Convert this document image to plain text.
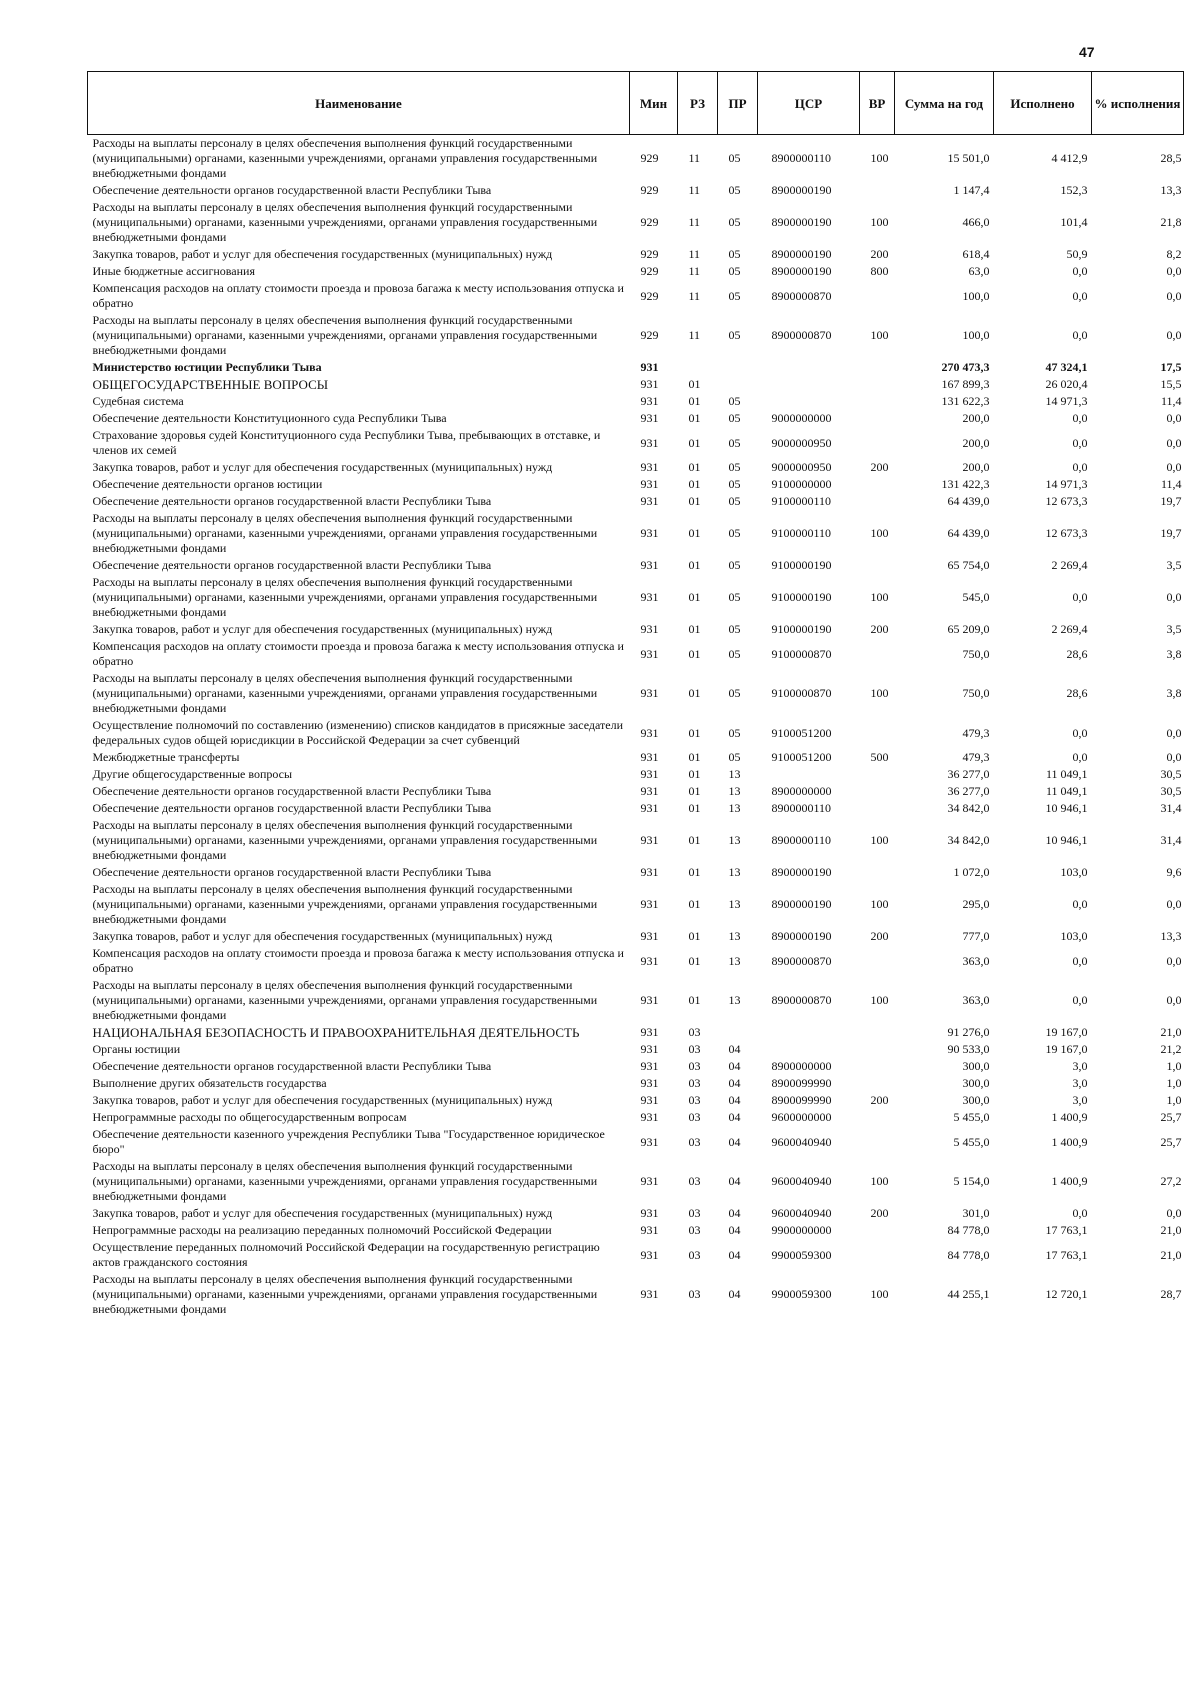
47
Наименование	Мин	РЗ	ПР	ЦСР	ВР	Сумма на год	Исполнено	% исполнения
Расходы на выплаты персоналу в целях обеспечения выполнения функций государственными (муниципальными) органами, казенными учреждениями, органами управления государственными внебюджетными фондами	929	11	05	8900000110	100	15 501,0	4 412,9	28,5
Обеспечение деятельности органов государственной власти Республики Тыва	929	11	05	8900000190		1 147,4	152,3	13,3
Расходы на выплаты персоналу в целях обеспечения выполнения функций государственными (муниципальными) органами, казенными учреждениями, органами управления государственными внебюджетными фондами	929	11	05	8900000190	100	466,0	101,4	21,8
Закупка товаров, работ и услуг для обеспечения государственных (муниципальных) нужд	929	11	05	8900000190	200	618,4	50,9	8,2
Иные бюджетные ассигнования	929	11	05	8900000190	800	63,0	0,0	0,0
Компенсация расходов на оплату стоимости проезда и провоза багажа к месту использования отпуска и обратно	929	11	05	8900000870		100,0	0,0	0,0
Расходы на выплаты персоналу в целях обеспечения выполнения функций государственными (муниципальными) органами, казенными учреждениями, органами управления государственными внебюджетными фондами	929	11	05	8900000870	100	100,0	0,0	0,0
Министерство юстиции Республики Тыва	931					270 473,3	47 324,1	17,5
ОБЩЕГОСУДАРСТВЕННЫЕ ВОПРОСЫ	931	01				167 899,3	26 020,4	15,5
Судебная система	931	01	05			131 622,3	14 971,3	11,4
Обеспечение деятельности Конституционного суда Республики Тыва	931	01	05	9000000000		200,0	0,0	0,0
Страхование здоровья судей Конституционного суда Республики Тыва, пребывающих в отставке, и членов их семей	931	01	05	9000000950		200,0	0,0	0,0
Закупка товаров, работ и услуг для обеспечения государственных (муниципальных) нужд	931	01	05	9000000950	200	200,0	0,0	0,0
Обеспечение деятельности органов юстиции	931	01	05	9100000000		131 422,3	14 971,3	11,4
Обеспечение деятельности органов государственной власти Республики Тыва	931	01	05	9100000110		64 439,0	12 673,3	19,7
Расходы на выплаты персоналу в целях обеспечения выполнения функций государственными (муниципальными) органами, казенными учреждениями, органами управления государственными внебюджетными фондами	931	01	05	9100000110	100	64 439,0	12 673,3	19,7
Обеспечение деятельности органов государственной власти Республики Тыва	931	01	05	9100000190		65 754,0	2 269,4	3,5
Расходы на выплаты персоналу в целях обеспечения выполнения функций государственными (муниципальными) органами, казенными учреждениями, органами управления государственными внебюджетными фондами	931	01	05	9100000190	100	545,0	0,0	0,0
Закупка товаров, работ и услуг для обеспечения государственных (муниципальных) нужд	931	01	05	9100000190	200	65 209,0	2 269,4	3,5
Компенсация расходов на оплату стоимости проезда и провоза багажа к месту использования отпуска и обратно	931	01	05	9100000870		750,0	28,6	3,8
Расходы на выплаты персоналу в целях обеспечения выполнения функций государственными (муниципальными) органами, казенными учреждениями, органами управления государственными внебюджетными фондами	931	01	05	9100000870	100	750,0	28,6	3,8
Осуществление полномочий по составлению (изменению) списков кандидатов в присяжные заседатели федеральных судов общей юрисдикции в Российской Федерации за счет субвенций	931	01	05	9100051200		479,3	0,0	0,0
Межбюджетные трансферты	931	01	05	9100051200	500	479,3	0,0	0,0
Другие общегосударственные вопросы	931	01	13			36 277,0	11 049,1	30,5
Обеспечение деятельности органов государственной власти Республики Тыва	931	01	13	8900000000		36 277,0	11 049,1	30,5
Обеспечение деятельности органов государственной власти Республики Тыва	931	01	13	8900000110		34 842,0	10 946,1	31,4
Расходы на выплаты персоналу в целях обеспечения выполнения функций государственными (муниципальными) органами, казенными учреждениями, органами управления государственными внебюджетными фондами	931	01	13	8900000110	100	34 842,0	10 946,1	31,4
Обеспечение деятельности органов государственной власти Республики Тыва	931	01	13	8900000190		1 072,0	103,0	9,6
Расходы на выплаты персоналу в целях обеспечения выполнения функций государственными (муниципальными) органами, казенными учреждениями, органами управления государственными внебюджетными фондами	931	01	13	8900000190	100	295,0	0,0	0,0
Закупка товаров, работ и услуг для обеспечения государственных (муниципальных) нужд	931	01	13	8900000190	200	777,0	103,0	13,3
Компенсация расходов на оплату стоимости проезда и провоза багажа к месту использования отпуска и обратно	931	01	13	8900000870		363,0	0,0	0,0
Расходы на выплаты персоналу в целях обеспечения выполнения функций государственными (муниципальными) органами, казенными учреждениями, органами управления государственными внебюджетными фондами	931	01	13	8900000870	100	363,0	0,0	0,0
НАЦИОНАЛЬНАЯ БЕЗОПАСНОСТЬ И ПРАВООХРАНИТЕЛЬНАЯ ДЕЯТЕЛЬНОСТЬ	931	03				91 276,0	19 167,0	21,0
Органы юстиции	931	03	04			90 533,0	19 167,0	21,2
Обеспечение деятельности органов государственной власти Республики Тыва	931	03	04	8900000000		300,0	3,0	1,0
Выполнение других обязательств государства	931	03	04	8900099990		300,0	3,0	1,0
Закупка товаров, работ и услуг для обеспечения государственных (муниципальных) нужд	931	03	04	8900099990	200	300,0	3,0	1,0
Непрограммные расходы по общегосударственным вопросам	931	03	04	9600000000		5 455,0	1 400,9	25,7
Обеспечение деятельности казенного учреждения Республики Тыва "Государственное юридическое бюро"	931	03	04	9600040940		5 455,0	1 400,9	25,7
Расходы на выплаты персоналу в целях обеспечения выполнения функций государственными (муниципальными) органами, казенными учреждениями, органами управления государственными внебюджетными фондами	931	03	04	9600040940	100	5 154,0	1 400,9	27,2
Закупка товаров, работ и услуг для обеспечения государственных (муниципальных) нужд	931	03	04	9600040940	200	301,0	0,0	0,0
Непрограммные расходы на реализацию переданных полномочий Российской Федерации	931	03	04	9900000000		84 778,0	17 763,1	21,0
Осуществление переданных полномочий Российской Федерации на государственную регистрацию актов гражданского состояния	931	03	04	9900059300		84 778,0	17 763,1	21,0
Расходы на выплаты персоналу в целях обеспечения выполнения функций государственными (муниципальными) органами, казенными учреждениями, органами управления государственными внебюджетными фондами	931	03	04	9900059300	100	44 255,1	12 720,1	28,7
